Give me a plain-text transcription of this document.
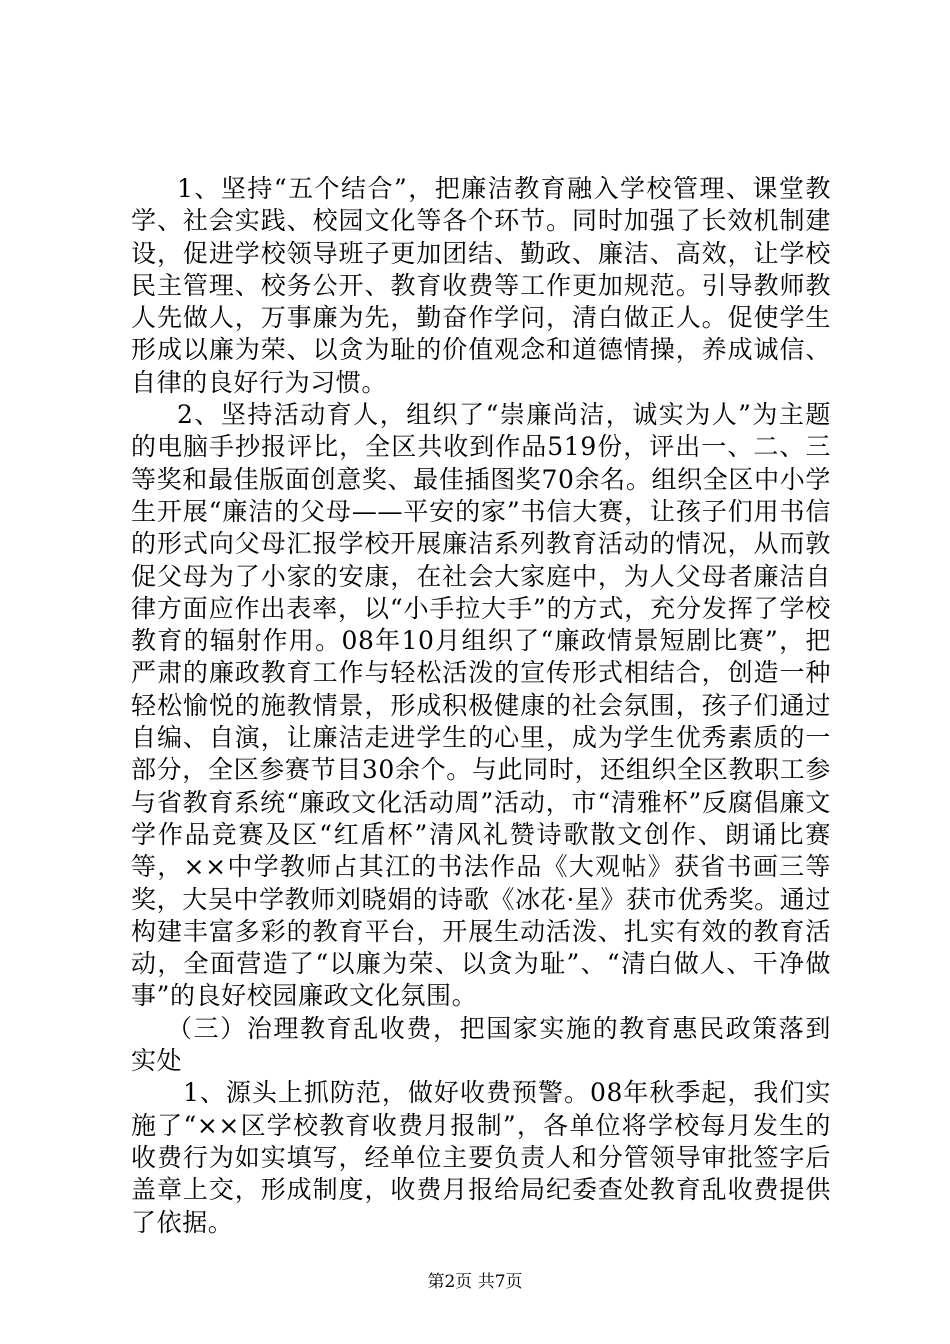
1、坚持“五个结合”，把廉洁教育融入学校管理、课堂教学、社会实践、校园文化等各个环节。同时加强了长效机制建设，促进学校领导班子更加团结、勤政、廉洁、高效，让学校民主管理、校务公开、教育收费等工作更加规范。引导教师教人先做人，万事廉为先，勤奋作学问，清白做正人。促使学生形成以廉为荣、以贪为耻的价值观念和道德情操，养成诚信、自律的良好行为习惯。

2、坚持活动育人，组织了“崇廉尚洁，诚实为人”为主题的电脑手抄报评比，全区共收到作品519份，评出一、二、三等奖和最佳版面创意奖、最佳插图奖70余名。组织全区中小学生开展“廉洁的父母——平安的家”书信大赛，让孩子们用书信的形式向父母汇报学校开展廉洁系列教育活动的情况，从而敦促父母为了小家的安康，在社会大家庭中，为人父母者廉洁自律方面应作出表率，以“小手拉大手”的方式，充分发挥了学校教育的辐射作用。08年10月组织了“廉政情景短剧比赛”，把严肃的廉政教育工作与轻松活泼的宣传形式相结合，创造一种轻松愉悦的施教情景，形成积极健康的社会氛围，孩子们通过自编、自演，让廉洁走进学生的心里，成为学生优秀素质的一部分，全区参赛节目30余个。与此同时，还组织全区教职工参与省教育系统“廉政文化活动周”活动，市“清雅杯”反腐倡廉文学作品竞赛及区“红盾杯”清风礼赞诗歌散文创作、朗诵比赛等，××中学教师占其江的书法作品《大观帖》获省书画三等奖，大吴中学教师刘晓娟的诗歌《冰花·星》获市优秀奖。通过构建丰富多彩的教育平台，开展生动活泼、扎实有效的教育活动，全面营造了“以廉为荣、以贪为耻”、“清白做人、干净做事”的良好校园廉政文化氛围。

（三）治理教育乱收费，把国家实施的教育惠民政策落到实处

1、源头上抓防范，做好收费预警。08年秋季起，我们实施了“××区学校教育收费月报制”，各单位将学校每月发生的收费行为如实填写，经单位主要负责人和分管领导审批签字后盖章上交，形成制度，收费月报给局纪委查处教育乱收费提供了依据。

第2页 共7页
